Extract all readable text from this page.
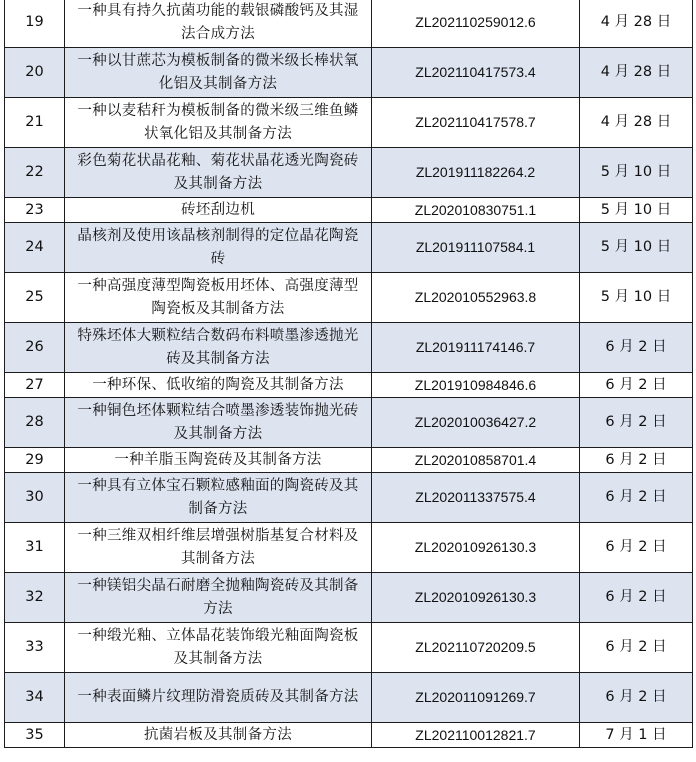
19	一种具有持久抗菌功能的载银磷酸钙及其湿法合成方法	ZL202110259012.6	4 月 28 日
20	一种以甘蔗芯为模板制备的微米级长棒状氧化铝及其制备方法	ZL202110417573.4	4 月 28 日
21	一种以麦秸秆为模板制备的微米级三维鱼鳞状氧化铝及其制备方法	ZL202110417578.7	4 月 28 日
22	彩色菊花状晶花釉、菊花状晶花透光陶瓷砖及其制备方法	ZL201911182264.2	5 月 10 日
23	砖坯刮边机	ZL202010830751.1	5 月 10 日
24	晶核剂及使用该晶核剂制得的定位晶花陶瓷砖	ZL201911107584.1	5 月 10 日
25	一种高强度薄型陶瓷板用坯体、高强度薄型陶瓷板及其制备方法	ZL202010552963.8	5 月 10 日
26	特殊坯体大颗粒结合数码布料喷墨渗透抛光砖及其制备方法	ZL201911174146.7	6 月 2 日
27	一种环保、低收缩的陶瓷及其制备方法	ZL201910984846.6	6 月 2 日
28	一种铜色坯体颗粒结合喷墨渗透装饰抛光砖及其制备方法	ZL202010036427.2	6 月 2 日
29	一种羊脂玉陶瓷砖及其制备方法	ZL202010858701.4	6 月 2 日
30	一种具有立体宝石颗粒感釉面的陶瓷砖及其制备方法	ZL202011337575.4	6 月 2 日
31	一种三维双相纤维层增强树脂基复合材料及其制备方法	ZL202010926130.3	6 月 2 日
32	一种镁铝尖晶石耐磨全抛釉陶瓷砖及其制备方法	ZL202010926130.3	6 月 2 日
33	一种缎光釉、立体晶花装饰缎光釉面陶瓷板及其制备方法	ZL202110720209.5	6 月 2 日
34	一种表面鳞片纹理防滑瓷质砖及其制备方法	ZL202011091269.7	6 月 2 日
35	抗菌岩板及其制备方法	ZL202110012821.7	7 月 1 日
